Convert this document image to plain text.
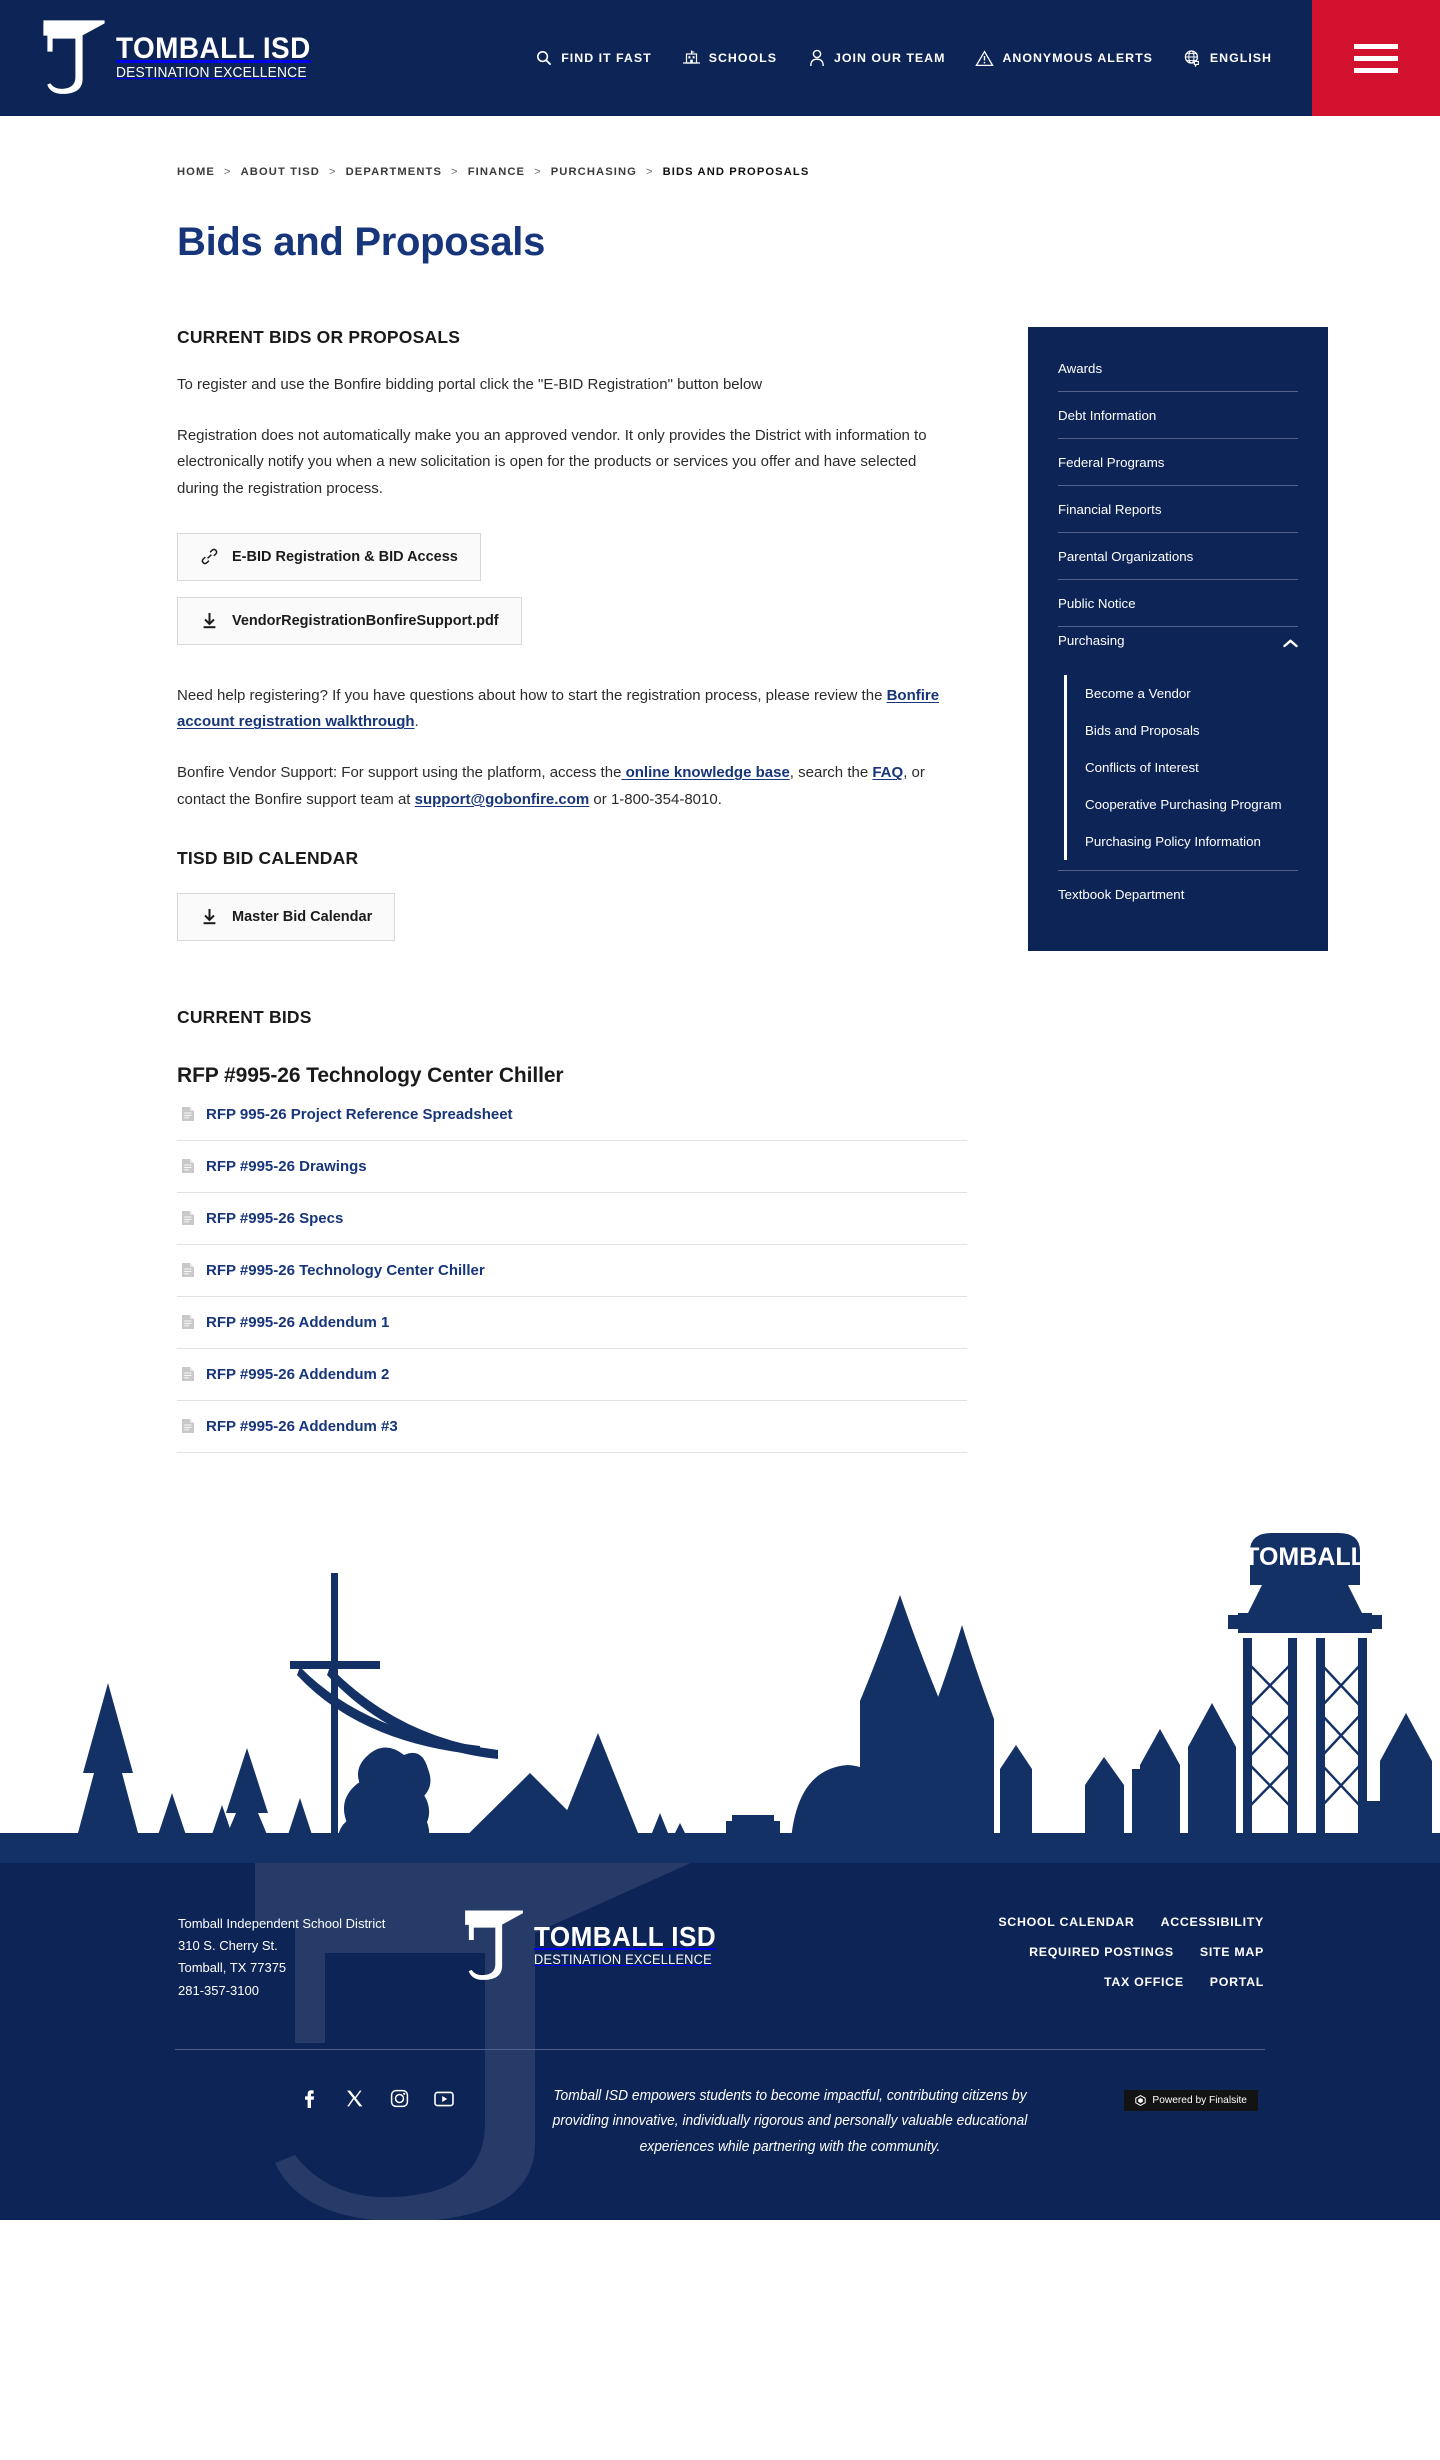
TOMBALL ISD
DESTINATION EXCELLENCE
FIND IT FAST	SCHOOLS	JOIN OUR TEAM	ANONYMOUS ALERTS	ENGLISH
HOME > ABOUT TISD > DEPARTMENTS > FINANCE > PURCHASING > BIDS AND PROPOSALS
Bids and Proposals
CURRENT BIDS OR PROPOSALS

To register and use the Bonfire bidding portal click the "E-BID Registration" button below

Registration does not automatically make you an approved vendor. It only provides the District with information to electronically notify you when a new solicitation is open for the products or services you offer and have selected during the registration process.

E-BID Registration & BID Access
VendorRegistrationBonfireSupport.pdf

Need help registering? If you have questions about how to start the registration process, please review the Bonfire account registration walkthrough.

Bonfire Vendor Support: For support using the platform, access the online knowledge base, search the FAQ, or contact the Bonfire support team at support@gobonfire.com or 1-800-354-8010.

TISD BID CALENDAR
Master Bid Calendar
CURRENT BIDS
RFP #995-26 Technology Center Chiller
RFP 995-26 Project Reference Spreadsheet
RFP #995-26 Drawings
RFP #995-26 Specs
RFP #995-26 Technology Center Chiller
RFP #995-26 Addendum 1
RFP #995-26 Addendum 2
RFP #995-26 Addendum #3
Awards
Debt Information
Federal Programs
Financial Reports
Parental Organizations
Public Notice
Purchasing
Become a Vendor
Bids and Proposals
Conflicts of Interest
Cooperative Purchasing Program
Purchasing Policy Information
Textbook Department
TOMBALL
Tomball Independent School District
310 S. Cherry St.
Tomball, TX 77375
281-357-3100
TOMBALL ISD
DESTINATION EXCELLENCE
SCHOOL CALENDAR ACCESSIBILITY
REQUIRED POSTINGS SITE MAP
TAX OFFICE PORTAL
Tomball ISD empowers students to become impactful, contributing citizens by providing innovative, individually rigorous and personally valuable educational experiences while partnering with the community.
Powered by Finalsite
